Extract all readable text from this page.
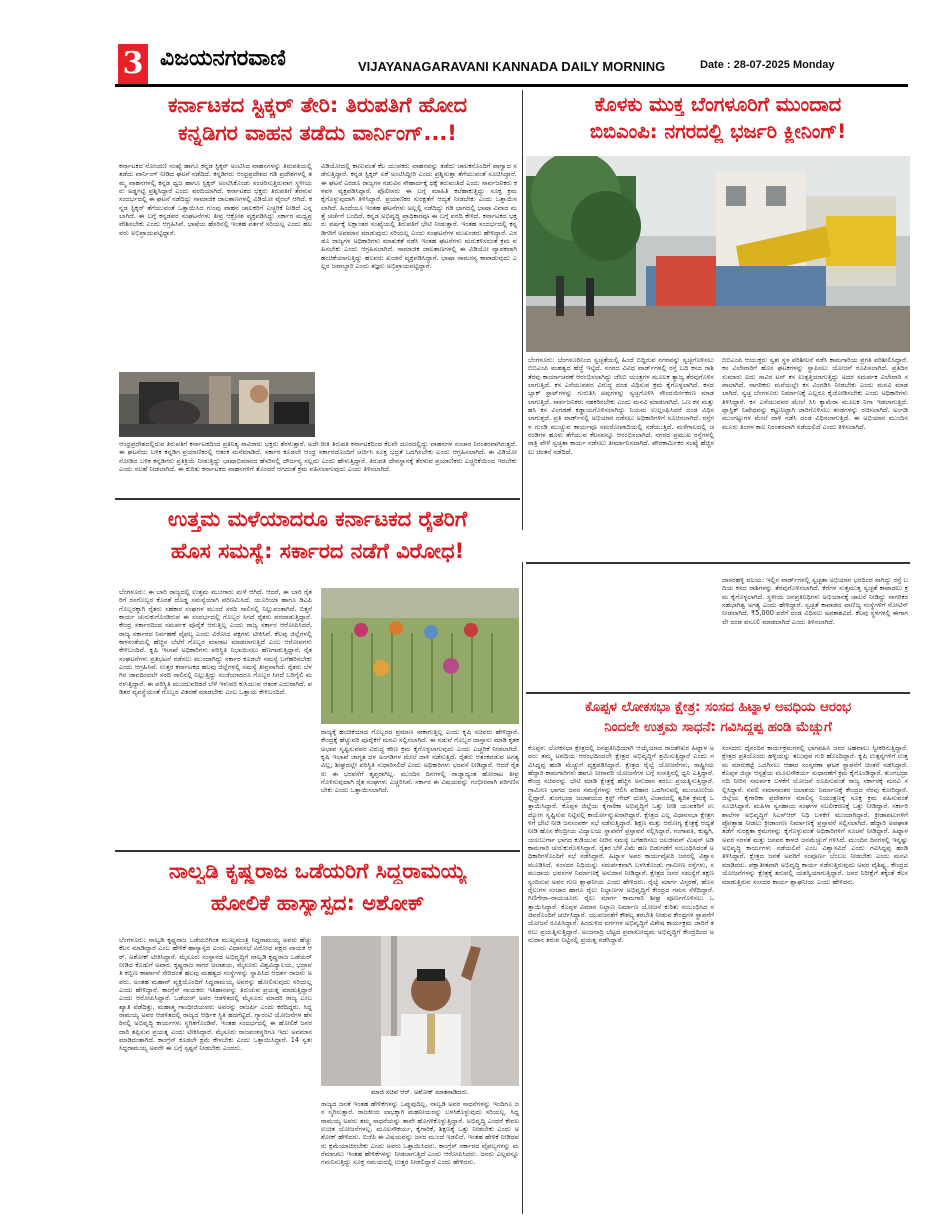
3 ವಿಜಯನಗರವಾಣಿ	VIJAYANAGARAVANI KANNADA DAILY MORNING	Date : 28-07-2025 Monday
ಕರ್ನಾಟಕದ ಸ್ಟಿಕ್ಕರ್ ತೇರಿ: ತಿರುಪತಿಗೆ ಹೋದ
ಕನ್ನಡಿಗರ ವಾಹನ ತಡೆದು ವಾರ್ನಿಂಗ್...!
ಕರ್ನಾಟಕದ ನೋಂದಣಿ ಸಂಖ್ಯೆ ಹಾಗೂ ಕನ್ನಡ ಸ್ಟಿಕ್ಕರ್ ಅಂಟಿಸಿದ ವಾಹನಗಳನ್ನು ತಿರುಪತಿಯಲ್ಲಿ ತಡೆದು ವಾರ್ನಿಂಗ್ ನೀಡಿದ ಘಟನೆ ನಡೆದಿದೆ. ಕನ್ನಡಿಗರು ಆಂಧ್ರಪ್ರದೇಶದ ಗಡಿ ಪ್ರದೇಶಗಳಲ್ಲಿ ತಮ್ಮ ವಾಹನಗಳಲ್ಲಿ ಕನ್ನಡ ಧ್ವಜ ಹಾಗೂ ಸ್ಟಿಕ್ಕರ್ ಅಂಟಿಸಿಕೊಂಡು ಸಂಚರಿಸುತ್ತಿರುವಾಗ ಸ್ಥಳೀಯರು ಅಡ್ಡಗಟ್ಟಿ ಪ್ರಶ್ನಿಸಿದ್ದಾರೆ ಎಂದು ವರದಿಯಾಗಿದೆ. ಕರ್ನಾಟಕದ ಭಕ್ತರು ತಿರುಪತಿಗೆ ತೆರಳುವ ಸಂದರ್ಭದಲ್ಲಿ ಈ ಘಟನೆ ನಡೆದಿದ್ದು ಸಾಮಾಜಿಕ ಜಾಲತಾಣಗಳಲ್ಲಿ ವಿಡಿಯೋ ವೈರಲ್ ಆಗಿದೆ. ಕನ್ನಡ ಸ್ಟಿಕ್ಕರ್ ತೆಗೆಯುವಂತೆ ಒತ್ತಾಯಿಸಿದ ಗುಂಪು ವಾಹನ ಚಾಲಕರಿಗೆ ಎಚ್ಚರಿಕೆ ನೀಡಿದೆ ಎನ್ನಲಾಗಿದೆ. ಈ ಬಗ್ಗೆ ಕನ್ನಡಪರ ಸಂಘಟನೆಗಳು ತೀವ್ರ ಆಕ್ರೋಶ ವ್ಯಕ್ತಪಡಿಸಿದ್ದು ಸರ್ಕಾರ ಮಧ್ಯಪ್ರವೇಶಿಸಬೇಕು ಎಂದು ಆಗ್ರಹಿಸಿವೆ. ಭಾಷೆಯ ಹೆಸರಿನಲ್ಲಿ ಇಂತಹ ವರ್ತನೆ ಸರಿಯಲ್ಲ ಎಂದು ಹಲವರು ಅಭಿಪ್ರಾಯಪಟ್ಟಿದ್ದಾರೆ.
ವಿಡಿಯೋದಲ್ಲಿ ಕಾಣುವಂತೆ ಕೆಲ ಯುವಕರು ವಾಹನವನ್ನು ತಡೆದು ಚಾಲಕನೊಂದಿಗೆ ವಾಗ್ವಾದ ನಡೆಸುತ್ತಿದ್ದಾರೆ. ಕನ್ನಡ ಸ್ಟಿಕ್ಕರ್ ಏಕೆ ಅಂಟಿಸಿದ್ದೀರಿ ಎಂದು ಪ್ರಶ್ನಿಸುತ್ತಾ ತೆಗೆಯುವಂತೆ ಸೂಚಿಸಿದ್ದಾರೆ. ಈ ಘಟನೆ ಎರಡೂ ರಾಜ್ಯಗಳ ನಡುವಿನ ಸೌಹಾರ್ದಕ್ಕೆ ಧಕ್ಕೆ ತರುವಂತಿದೆ ಎಂದು ಸಾರ್ವಜನಿಕರು ಕಳವಳ ವ್ಯಕ್ತಪಡಿಸಿದ್ದಾರೆ. ಪೊಲೀಸರು ಈ ಬಗ್ಗೆ ಮಾಹಿತಿ ಕಲೆಹಾಕುತ್ತಿದ್ದು ಸೂಕ್ತ ಕ್ರಮ ಕೈಗೊಳ್ಳುವುದಾಗಿ ತಿಳಿಸಿದ್ದಾರೆ. ಪ್ರಯಾಣಿಕರ ಸುರಕ್ಷತೆಗೆ ಆದ್ಯತೆ ನೀಡಬೇಕು ಎಂದು ಒತ್ತಾಯಿಸಲಾಗಿದೆ. ಹಿಂದೆಯೂ ಇಂತಹ ಘಟನೆಗಳು ಅಲ್ಲಲ್ಲಿ ನಡೆದಿದ್ದು ಗಡಿ ಭಾಗದಲ್ಲಿ ಭಾಷಾ ವಿವಾದ ಮತ್ತೆ ಚರ್ಚೆಗೆ ಬಂದಿದೆ. ಕನ್ನಡ ಅಭಿವೃದ್ಧಿ ಪ್ರಾಧಿಕಾರವೂ ಈ ಬಗ್ಗೆ ವರದಿ ಕೇಳಿದೆ. ಕರ್ನಾಟಕದ ಭಕ್ತರು ವರ್ಷಕ್ಕೆ ಲಕ್ಷಾಂತರ ಸಂಖ್ಯೆಯಲ್ಲಿ ತಿರುಪತಿಗೆ ಭೇಟಿ ನೀಡುತ್ತಾರೆ. ಇಂತಹ ಸಂದರ್ಭದಲ್ಲಿ ಕನ್ನಡಿಗರಿಗೆ ಅಪಮಾನ ಮಾಡುವುದು ಸರಿಯಲ್ಲ ಎಂದು ಸಂಘಟನೆಗಳ ಮುಖಂಡರು ಹೇಳಿದ್ದಾರೆ. ಎರಡೂ ರಾಜ್ಯಗಳ ಅಧಿಕಾರಿಗಳು ಮಾತುಕತೆ ನಡೆಸಿ ಇಂತಹ ಘಟನೆಗಳು ಮರುಕಳಿಸದಂತೆ ಕ್ರಮ ವಹಿಸಬೇಕು ಎಂದು ಆಗ್ರಹಿಸಲಾಗಿದೆ. ಸಾಮಾಜಿಕ ಜಾಲತಾಣಗಳಲ್ಲಿ ಈ ವಿಡಿಯೋ ವ್ಯಾಪಕವಾಗಿ ಹಂಚಿಕೆಯಾಗುತ್ತಿದ್ದು ಹಲವರು ಖಂಡನೆ ವ್ಯಕ್ತಪಡಿಸಿದ್ದಾರೆ. ಭಾಷಾ ಸಾಮರಸ್ಯ ಕಾಪಾಡುವುದು ಎಲ್ಲರ ಜವಾಬ್ದಾರಿ ಎಂದು ತಜ್ಞರು ಅಭಿಪ್ರಾಯಪಟ್ಟಿದ್ದಾರೆ.
ಆಂಧ್ರಪ್ರದೇಶದಲ್ಲಿರುವ ತಿರುಪತಿಗೆ ಕರ್ನಾಟಕದಿಂದ ಪ್ರತಿನಿತ್ಯ ಸಾವಿರಾರು ಭಕ್ತರು ತೆರಳುತ್ತಾರೆ. ಅದೇ ರೀತಿ ತಿರುಪತಿ ಕರ್ನಾಟಕದಿಂದ ಕೆಲವೇ ದೂರದಲ್ಲಿದ್ದು ವಾಹನಗಳ ಸಂಚಾರ ನಿರಂತರವಾಗಿರುತ್ತದೆ. ಈ ಘಟನೆಯ ಬಳಿಕ ಕನ್ನಡಿಗ ಪ್ರಯಾಣಿಕರಲ್ಲಿ ಆತಂಕ ಮನೆಮಾಡಿದೆ. ಸರ್ಕಾರ ಕೂಡಲೇ ಆಂಧ್ರ ಸರ್ಕಾರದೊಂದಿಗೆ ಚರ್ಚಿಸಿ ಸೂಕ್ತ ಭದ್ರತೆ ಒದಗಿಸಬೇಕು ಎಂದು ಆಗ್ರಹಿಸಲಾಗಿದೆ. ಈ ವಿಡಿಯೋ ನೋಡಿದ ಬಳಿಕ ಕನ್ನಡಿಗರು ಪ್ರತಿಕ್ರಿಯೆ ನೀಡುತ್ತಿದ್ದು ಭಾಷಾಭಿಮಾನದ ಹೆಸರಿನಲ್ಲಿ ದೌರ್ಜನ್ಯ ಸಲ್ಲದು ಎಂದು ಹೇಳುತ್ತಿದ್ದಾರೆ. ತಿರುಪತಿ ದೇವಸ್ಥಾನಕ್ಕೆ ತೆರಳುವ ಪ್ರಯಾಣಿಕರು ಎಚ್ಚರಿಕೆಯಿಂದ ಇರಬೇಕು ಎಂದು ಸಲಹೆ ನೀಡಲಾಗಿದೆ. ಈ ಕುರಿತು ಕರ್ನಾಟಕದ ವಾಹನಗಳಿಗೆ ತೊಂದರೆ ಆಗದಂತೆ ಕ್ರಮ ವಹಿಸಲಾಗುವುದು ಎಂದು ತಿಳಿಸಲಾಗಿದೆ.
ಕೊಳಕು ಮುಕ್ತ ಬೆಂಗಳೂರಿಗೆ ಮುಂದಾದ
ಬಿಬಿಎಂಪಿ: ನಗರದಲ್ಲಿ ಭರ್ಜರಿ ಕ್ಲೀನಿಂಗ್!
ಬೆಂಗಳೂರು: ಬೆಂಗಳೂರಿನಿಂದ ಸ್ವಚ್ಛತೆಯಲ್ಲಿ ಹಿಂದೆ ಬಿದ್ದಿರುವ ನಗರವನ್ನು ಸ್ವಚ್ಛಗೊಳಿಸಲು ಬಿಬಿಎಂಪಿ ಮಹತ್ವದ ಹೆಜ್ಜೆ ಇಟ್ಟಿದೆ. ನಗರದ ವಿವಿಧ ವಾರ್ಡ್‌ಗಳಲ್ಲಿ ರಸ್ತೆ ಬದಿ ಕಸದ ರಾಶಿ ತೆರವು ಕಾರ್ಯಾಚರಣೆ ಆರಂಭಿಸಲಾಗಿದ್ದು ಜೆಸಿಬಿ ಯಂತ್ರಗಳ ಮೂಲಕ ತ್ಯಾಜ್ಯ ತೆರವುಗೊಳಿಸಲಾಗುತ್ತಿದೆ. ಕಸ ಎಸೆಯುವವರ ವಿರುದ್ಧ ದಂಡ ವಿಧಿಸುವ ಕ್ರಮ ಕೈಗೊಳ್ಳಲಾಗಿದೆ. ಕಸದ ಬ್ಲಾಕ್ ಸ್ಪಾಟ್‌ಗಳನ್ನು ಗುರುತಿಸಿ ಅವುಗಳನ್ನು ಸ್ವಚ್ಛಗೊಳಿಸಿ ಸೌಂದರ್ಯೀಕರಣ ಮಾಡಲಾಗುತ್ತಿದೆ. ಸಾರ್ವಜನಿಕರು ಸಹಕರಿಸಬೇಕು ಎಂದು ಮನವಿ ಮಾಡಲಾಗಿದೆ. ಒಣ ಕಸ ಮತ್ತು ಹಸಿ ಕಸ ವಿಂಗಡಣೆ ಕಡ್ಡಾಯಗೊಳಿಸಲಾಗಿದ್ದು ನಿಯಮ ಉಲ್ಲಂಘಿಸಿದರೆ ದಂಡ ವಿಧಿಸಲಾಗುತ್ತದೆ. ಪ್ರತಿ ವಾರ್ಡ್‌ನಲ್ಲಿ ಅಭಿಯಾನ ನಡೆಸಲು ಅಧಿಕಾರಿಗಳಿಗೆ ಸೂಚಿಸಲಾಗಿದೆ. ರಸ್ತೆಗಳ ಗುಂಡಿ ಮುಚ್ಚುವ ಕಾರ್ಯವೂ ಸಮರೋಪಾದಿಯಲ್ಲಿ ನಡೆಯುತ್ತಿದೆ. ಮಳೆಗಾಲದಲ್ಲಿ ಚರಂಡಿಗಳ ಹೂಳು ತೆಗೆಯುವ ಕೆಲಸವನ್ನೂ ಆರಂಭಿಸಲಾಗಿದೆ. ನಗರದ ಪ್ರಮುಖ ರಸ್ತೆಗಳಲ್ಲಿ ರಾತ್ರಿ ವೇಳೆ ಸ್ವಚ್ಛತಾ ಕಾರ್ಯ ನಡೆಸಲು ತೀರ್ಮಾನಿಸಲಾಗಿದೆ. ಪೌರಕಾರ್ಮಿಕರ ಸಂಖ್ಯೆ ಹೆಚ್ಚಿಸಲು ಚಿಂತನೆ ನಡೆದಿದೆ.
ಬಿಬಿಎಂಪಿ ಆಯುಕ್ತರು ಸ್ವತಃ ಸ್ಥಳ ಪರಿಶೀಲನೆ ನಡೆಸಿ ಕಾಮಗಾರಿಯ ಪ್ರಗತಿ ಪರಿಶೀಲಿಸಿದ್ದಾರೆ. ಕಸ ವಿಲೇವಾರಿಗೆ ಹೊಸ ಘಟಕಗಳನ್ನು ಸ್ಥಾಪಿಸಲು ಯೋಜನೆ ರೂಪಿಸಲಾಗಿದೆ. ಪ್ರತಿದಿನ ಸುಮಾರು ಐದು ಸಾವಿರ ಟನ್ ಕಸ ಉತ್ಪತ್ತಿಯಾಗುತ್ತಿದ್ದು ಅದರ ಸಮರ್ಪಕ ವಿಲೇವಾರಿ ಸವಾಲಾಗಿದೆ. ನಾಗರಿಕರು ಮನೆಯಲ್ಲೇ ಕಸ ವಿಂಗಡಿಸಿ ನೀಡಬೇಕು ಎಂದು ಮನವಿ ಮಾಡಲಾಗಿದೆ. ಸ್ವಚ್ಛ ಬೆಂಗಳೂರು ನಿರ್ಮಾಣಕ್ಕೆ ಎಲ್ಲರೂ ಕೈಜೋಡಿಸಬೇಕು ಎಂದು ಅಧಿಕಾರಿಗಳು ತಿಳಿಸಿದ್ದಾರೆ. ಕಸ ಎಸೆಯುವವರ ಮೇಲೆ ಸಿಸಿ ಕ್ಯಾಮೆರಾ ಮೂಲಕ ನಿಗಾ ಇಡಲಾಗುತ್ತಿದೆ. ಪ್ಲಾಸ್ಟಿಕ್ ನಿಷೇಧವನ್ನು ಕಟ್ಟುನಿಟ್ಟಾಗಿ ಜಾರಿಗೊಳಿಸಲು ತಂಡಗಳನ್ನು ರಚಿಸಲಾಗಿದೆ. ಅಂಗಡಿ ಮುಂಗಟ್ಟುಗಳ ಮೇಲೆ ದಾಳಿ ನಡೆಸಿ ದಂಡ ವಿಧಿಸಲಾಗುತ್ತಿದೆ. ಈ ಅಭಿಯಾನ ಮುಂದಿನ ಮೂರು ತಿಂಗಳ ಕಾಲ ನಿರಂತರವಾಗಿ ನಡೆಯಲಿದೆ ಎಂದು ತಿಳಿಸಲಾಗಿದೆ.
ದಾಸರಹಳ್ಳಿ ವಲಯ: ಇಲ್ಲಿನ ವಾರ್ಡ್‌ಗಳಲ್ಲಿ ಸ್ವಚ್ಛತಾ ಅಭಿಯಾನ ಭರದಿಂದ ಸಾಗಿದ್ದು ರಸ್ತೆ ಬದಿಯ ಕಸದ ರಾಶಿಗಳನ್ನು ತೆರವುಗೊಳಿಸಲಾಗಿದೆ. ಕೆರೆಗಳ ಸುತ್ತಮುತ್ತ ಸ್ವಚ್ಛತೆ ಕಾಪಾಡಲು ಕ್ರಮ ಕೈಗೊಳ್ಳಲಾಗಿದೆ. ಸ್ಥಳೀಯ ಜನಪ್ರತಿನಿಧಿಗಳು ಅಭಿಯಾನಕ್ಕೆ ಚಾಲನೆ ನೀಡಿದ್ದು ನಾಗರಿಕರ ಸಹಭಾಗಿತ್ವ ಅಗತ್ಯ ಎಂದು ಹೇಳಿದ್ದಾರೆ. ಸ್ವಚ್ಛತೆ ಕಾಪಾಡದ ವಾಣಿಜ್ಯ ಸಂಸ್ಥೆಗಳಿಗೆ ನೋಟಿಸ್ ನೀಡಲಾಗಿದೆ. ₹5,000 ವರೆಗೆ ದಂಡ ವಿಧಿಸಲು ಅವಕಾಶವಿದೆ. ಕೆಲವು ಸ್ಥಳಗಳಲ್ಲಿ ಈಗಾಗಲೇ ದಂಡ ವಸೂಲಿ ಮಾಡಲಾಗಿದೆ ಎಂದು ತಿಳಿಸಲಾಗಿದೆ.
ಉತ್ತಮ ಮಳೆಯಾದರೂ ಕರ್ನಾಟಕದ ರೈತರಿಗೆ
ಹೊಸ ಸಮಸ್ಯೆ: ಸರ್ಕಾರದ ನಡೆಗೆ ವಿರೋಧ!
ಬೆಂಗಳೂರು: ಈ ಬಾರಿ ರಾಜ್ಯದಲ್ಲಿ ಉತ್ತಮ ಮುಂಗಾರು ಮಳೆ ಆಗಿದೆ. ಆದರೆ, ಈ ಬಾರಿ ರೈತರಿಗೆ ರಸಗೊಬ್ಬರ ಕೊರತೆ ದೊಡ್ಡ ಸಮಸ್ಯೆಯಾಗಿ ಪರಿಣಮಿಸಿದೆ. ಯೂರಿಯಾ ಹಾಗೂ ಡಿಎಪಿ ಗೊಬ್ಬರಕ್ಕಾಗಿ ರೈತರು ಸಹಕಾರ ಸಂಘಗಳ ಮುಂದೆ ಸರದಿ ಸಾಲಿನಲ್ಲಿ ನಿಲ್ಲುವಂತಾಗಿದೆ. ಬಿತ್ತನೆ ಕಾರ್ಯ ಚುರುಕುಗೊಂಡಿರುವ ಈ ಸಂದರ್ಭದಲ್ಲಿ ಗೊಬ್ಬರ ಸಿಗದೆ ರೈತರು ಪರದಾಡುತ್ತಿದ್ದಾರೆ. ಕೇಂದ್ರ ಸರ್ಕಾರದಿಂದ ಸಮರ್ಪಕ ಪೂರೈಕೆ ಆಗುತ್ತಿಲ್ಲ ಎಂದು ರಾಜ್ಯ ಸರ್ಕಾರ ಆರೋಪಿಸಿದರೆ, ರಾಜ್ಯ ಸರ್ಕಾರದ ನಿರ್ವಹಣೆ ವೈಫಲ್ಯ ಎಂದು ವಿರೋಧ ಪಕ್ಷಗಳು ಟೀಕಿಸಿವೆ. ಕೆಲವು ಜಿಲ್ಲೆಗಳಲ್ಲಿ ಕಾಳಸಂತೆಯಲ್ಲಿ ಹೆಚ್ಚಿನ ಬೆಲೆಗೆ ಗೊಬ್ಬರ ಮಾರಾಟ ಮಾಡಲಾಗುತ್ತಿದೆ ಎಂಬ ಆರೋಪಗಳು ಕೇಳಿಬಂದಿವೆ. ಕೃಷಿ ಇಲಾಖೆ ಅಧಿಕಾರಿಗಳು ಪರಿಸ್ಥಿತಿ ನಿಭಾಯಿಸಲು ಹೆಣಗಾಡುತ್ತಿದ್ದಾರೆ. ರೈತ ಸಂಘಟನೆಗಳು ಪ್ರತಿಭಟನೆ ನಡೆಸಲು ಮುಂದಾಗಿದ್ದು ಸರ್ಕಾರ ಕೂಡಲೇ ಸಮಸ್ಯೆ ಬಗೆಹರಿಸಬೇಕು ಎಂದು ಆಗ್ರಹಿಸಿವೆ. ಉತ್ತರ ಕರ್ನಾಟಕದ ಹಲವು ಜಿಲ್ಲೆಗಳಲ್ಲಿ ಸಮಸ್ಯೆ ತೀವ್ರವಾಗಿದೆ. ರೈತರು ಬೆಳಗಿನ ಜಾವದಿಂದಲೇ ಸರದಿ ಸಾಲಿನಲ್ಲಿ ನಿಲ್ಲುತ್ತಿದ್ದು ಸಂಜೆಯಾದರೂ ಗೊಬ್ಬರ ಸಿಗದೆ ಬರಿಗೈಲಿ ಮರಳುತ್ತಿದ್ದಾರೆ. ಈ ಪರಿಸ್ಥಿತಿ ಮುಂದುವರಿದರೆ ಬೆಳೆ ಇಳುವರಿ ಕುಸಿಯುವ ಆತಂಕ ಎದುರಾಗಿದೆ. ಪಡಿತರ ವ್ಯವಸ್ಥೆಯಂತೆ ಗೊಬ್ಬರ ವಿತರಣೆ ಮಾಡಬೇಕು ಎಂಬ ಒತ್ತಾಯ ಕೇಳಿಬಂದಿದೆ.
ರಾಜ್ಯಕ್ಕೆ ಹಂಚಿಕೆಯಾದ ಗೊಬ್ಬರದ ಪ್ರಮಾಣ ಸಾಕಾಗುತ್ತಿಲ್ಲ ಎಂದು ಕೃಷಿ ಸಚಿವರು ಹೇಳಿದ್ದಾರೆ. ಕೇಂದ್ರಕ್ಕೆ ಹೆಚ್ಚುವರಿ ಪೂರೈಕೆಗೆ ಮನವಿ ಸಲ್ಲಿಸಲಾಗಿದೆ. ಈ ನಡುವೆ ಗೊಬ್ಬರ ದಾಸ್ತಾನು ಮಾಡಿ ಕೃತಕ ಅಭಾವ ಸೃಷ್ಟಿಸುವವರ ವಿರುದ್ಧ ಕಠಿಣ ಕ್ರಮ ಕೈಗೊಳ್ಳಲಾಗುವುದು ಎಂದು ಎಚ್ಚರಿಕೆ ನೀಡಲಾಗಿದೆ. ಕೃಷಿ ಇಲಾಖೆ ಜಾಗೃತ ದಳ ಅಂಗಡಿಗಳ ಮೇಲೆ ದಾಳಿ ನಡೆಸುತ್ತಿದೆ. ರೈತರು ಆತಂಕಪಡುವ ಅಗತ್ಯವಿಲ್ಲ, ಶೀಘ್ರದಲ್ಲೇ ಪರಿಸ್ಥಿತಿ ಸುಧಾರಿಸಲಿದೆ ಎಂದು ಅಧಿಕಾರಿಗಳು ಭರವಸೆ ನೀಡಿದ್ದಾರೆ. ಆದರೆ ರೈತರು ಈ ಭರವಸೆಗೆ ತೃಪ್ತರಾಗಿಲ್ಲ. ಮುಂದಿನ ದಿನಗಳಲ್ಲಿ ರಾಜ್ಯಾದ್ಯಂತ ಹೋರಾಟ ತೀವ್ರಗೊಳಿಸುವುದಾಗಿ ರೈತ ಸಂಘಗಳು ಎಚ್ಚರಿಸಿವೆ. ಸರ್ಕಾರ ಈ ವಿಷಯವನ್ನು ಗಂಭೀರವಾಗಿ ಪರಿಗಣಿಸಬೇಕು ಎಂದು ಒತ್ತಾಯಿಸಲಾಗಿದೆ.
ಕೊಪ್ಪಳ ಲೋಕಸಭಾ ಕ್ಷೇತ್ರ: ಸಂಸದ ಹಿಟ್ನಾಳ ಅವಧಿಯ ಆರಂಭ
ನಿಂದಲೇ ಉತ್ತಮ ಸಾಧನೆ: ಗವಿಸಿದ್ದಪ್ಪ ಹಂಡಿ ಮೆಚ್ಚುಗೆ
ಕೊಪ್ಪಳ: ಲೋಕಸಭಾ ಕ್ಷೇತ್ರದಲ್ಲಿ ಜನಪ್ರತಿನಿಧಿಯಾಗಿ ಆಯ್ಕೆಯಾದ ರಾಜಶೇಖರ ಹಿಟ್ನಾಳ ಅವರು ತಮ್ಮ ಅವಧಿಯ ಆರಂಭದಿಂದಲೇ ಕ್ಷೇತ್ರದ ಅಭಿವೃದ್ಧಿಗೆ ಶ್ರಮಿಸುತ್ತಿದ್ದಾರೆ ಎಂದು ಗವಿಸಿದ್ದಪ್ಪ ಹಂಡಿ ಮೆಚ್ಚುಗೆ ವ್ಯಕ್ತಪಡಿಸಿದ್ದಾರೆ. ಕ್ಷೇತ್ರದ ರೈಲ್ವೆ ಯೋಜನೆಗಳು, ರಾಷ್ಟ್ರೀಯ ಹೆದ್ದಾರಿ ಕಾಮಗಾರಿಗಳು ಹಾಗೂ ನೀರಾವರಿ ಯೋಜನೆಗಳ ಬಗ್ಗೆ ಸಂಸತ್ತಿನಲ್ಲಿ ಧ್ವನಿ ಎತ್ತಿದ್ದಾರೆ. ಕೇಂದ್ರ ಸಚಿವರನ್ನು ಭೇಟಿ ಮಾಡಿ ಕ್ಷೇತ್ರಕ್ಕೆ ಹೆಚ್ಚಿನ ಅನುದಾನ ತರಲು ಪ್ರಯತ್ನಿಸುತ್ತಿದ್ದಾರೆ. ಗ್ರಾಮೀಣ ಭಾಗದ ಜನರ ಸಮಸ್ಯೆಗಳನ್ನು ಆಲಿಸಿ ಪರಿಹಾರ ಒದಗಿಸುವಲ್ಲಿ ಮುಂಚೂಣಿಯಲ್ಲಿದ್ದಾರೆ. ತುಂಗಭದ್ರಾ ಜಲಾಶಯದ ಕ್ರಸ್ಟ್ ಗೇಟ್ ದುರಸ್ತಿ ವಿಚಾರದಲ್ಲಿ ತ್ವರಿತ ಕ್ರಮಕ್ಕೆ ಒತ್ತಾಯಿಸಿದ್ದಾರೆ. ಕೊಪ್ಪಳ ಜಿಲ್ಲೆಯ ಕೈಗಾರಿಕಾ ಅಭಿವೃದ್ಧಿಗೆ ಒತ್ತು ನೀಡಿ ಯುವಕರಿಗೆ ಉದ್ಯೋಗ ಸೃಷ್ಟಿಸುವ ನಿಟ್ಟಿನಲ್ಲಿ ಕಾರ್ಯೋನ್ಮುಖರಾಗಿದ್ದಾರೆ. ಕ್ಷೇತ್ರದ ಎಲ್ಲ ವಿಧಾನಸಭಾ ಕ್ಷೇತ್ರಗಳಿಗೆ ಭೇಟಿ ನೀಡಿ ಜನಸಂಪರ್ಕ ಸಭೆ ನಡೆಸುತ್ತಿದ್ದಾರೆ. ಶಿಕ್ಷಣ ಮತ್ತು ಆರೋಗ್ಯ ಕ್ಷೇತ್ರಕ್ಕೆ ಆದ್ಯತೆ ನೀಡಿ ಹೊಸ ಕೇಂದ್ರೀಯ ವಿದ್ಯಾಲಯ ಸ್ಥಾಪನೆಗೆ ಪ್ರಸ್ತಾವನೆ ಸಲ್ಲಿಸಿದ್ದಾರೆ. ಗಂಗಾವತಿ, ಕುಷ್ಟಗಿ, ಯಲಬುರ್ಗಾ ಭಾಗದ ಕುಡಿಯುವ ನೀರಿನ ಸಮಸ್ಯೆ ಬಗೆಹರಿಸಲು ಜಲಜೀವನ್ ಮಿಷನ್ ಅಡಿ ಕಾಮಗಾರಿ ಚುರುಕುಗೊಳಿಸಿದ್ದಾರೆ. ರೈತರ ಬೆಳೆ ವಿಮೆ ಹಣ ಬಿಡುಗಡೆಗೆ ಸಂಬಂಧಿಸಿದಂತೆ ಅಧಿಕಾರಿಗಳೊಂದಿಗೆ ಸಭೆ ನಡೆಸಿದ್ದಾರೆ. ಹಿಟ್ನಾಳ ಅವರ ಕಾರ್ಯವೈಖರಿ ಜನರಲ್ಲಿ ವಿಶ್ವಾಸ ಮೂಡಿಸಿದೆ. ಸಂಸದರ ನಿಧಿಯನ್ನು ಸಮರ್ಪಕವಾಗಿ ಬಳಸಿಕೊಂಡು ಗ್ರಾಮೀಣ ರಸ್ತೆಗಳು, ಸಮುದಾಯ ಭವನಗಳ ನಿರ್ಮಾಣಕ್ಕೆ ಅನುದಾನ ನೀಡಿದ್ದಾರೆ. ಕ್ಷೇತ್ರದ ಜನರ ಸಮಸ್ಯೆಗೆ ತಕ್ಷಣ ಸ್ಪಂದಿಸುವ ಅವರ ಗುಣ ಶ್ಲಾಘನೀಯ ಎಂದು ಹೇಳಿದರು. ರೈಲ್ವೆ ಮಾರ್ಗ ವಿಸ್ತರಣೆ, ಹೊಸ ರೈಲುಗಳ ಸಂಚಾರ ಹಾಗೂ ರೈಲು ನಿಲ್ದಾಣಗಳ ಅಭಿವೃದ್ಧಿಗೆ ಕೇಂದ್ರದ ಗಮನ ಸೆಳೆದಿದ್ದಾರೆ. ಗಿಣಿಗೇರಾ–ರಾಯಚೂರು ರೈಲು ಮಾರ್ಗ ಕಾಮಗಾರಿ ಶೀಘ್ರ ಪೂರ್ಣಗೊಳಿಸಲು ಒತ್ತಾಯಿಸಿದ್ದಾರೆ. ಕೊಪ್ಪಳ ವಿಮಾನ ನಿಲ್ದಾಣ ನಿರ್ಮಾಣ ಯೋಜನೆ ಕುರಿತು ಸಂಬಂಧಿಸಿದ ಸಚಿವರೊಂದಿಗೆ ಚರ್ಚಿಸಿದ್ದಾರೆ. ಯುವಜನತೆಗೆ ಕೌಶಲ್ಯ ತರಬೇತಿ ನೀಡುವ ಕೇಂದ್ರಗಳ ಸ್ಥಾಪನೆಗೆ ಯೋಜನೆ ರೂಪಿಸಿದ್ದಾರೆ. ಹಿಂದುಳಿದ ವರ್ಗಗಳ ಅಭಿವೃದ್ಧಿಗೆ ವಿಶೇಷ ಕಾರ್ಯಕ್ರಮ ಜಾರಿಗೆ ತರಲು ಪ್ರಯತ್ನಿಸುತ್ತಿದ್ದಾರೆ. ಅಂಜನಾದ್ರಿ ಬೆಟ್ಟದ ಪ್ರವಾಸೋದ್ಯಮ ಅಭಿವೃದ್ಧಿಗೆ ಕೇಂದ್ರದಿಂದ ಅನುದಾನ ತರುವ ನಿಟ್ಟಿನಲ್ಲಿ ಪ್ರಯತ್ನ ನಡೆಸಿದ್ದಾರೆ.
ಸಂಸದರು ದೈನಂದಿನ ಕಾರ್ಯಕ್ರಮಗಳಲ್ಲಿ ಭಾಗವಹಿಸಿ ಜನರ ಅಹವಾಲು ಸ್ವೀಕರಿಸುತ್ತಿದ್ದಾರೆ. ಕ್ಷೇತ್ರದ ಪ್ರತಿಯೊಂದು ಹಳ್ಳಿಯನ್ನು ತಲುಪುವ ಗುರಿ ಹೊಂದಿದ್ದಾರೆ. ಕೃಷಿ ಉತ್ಪನ್ನಗಳಿಗೆ ಉತ್ತಮ ಮಾರುಕಟ್ಟೆ ಒದಗಿಸಲು ಆಹಾರ ಸಂಸ್ಕರಣಾ ಘಟಕ ಸ್ಥಾಪನೆಗೆ ಚಿಂತನೆ ನಡೆಸಿದ್ದಾರೆ. ಕೊಪ್ಪಳ ಜಿಲ್ಲಾ ಆಸ್ಪತ್ರೆಯ ಮೂಲಸೌಕರ್ಯ ಸುಧಾರಣೆಗೆ ಕ್ರಮ ಕೈಗೊಂಡಿದ್ದಾರೆ. ತುಂಗಭದ್ರಾ ನದಿ ನೀರಿನ ಸಮರ್ಪಕ ಬಳಕೆಗೆ ಯೋಜನೆ ರೂಪಿಸುವಂತೆ ರಾಜ್ಯ ಸರ್ಕಾರಕ್ಕೆ ಮನವಿ ಸಲ್ಲಿಸಿದ್ದಾರೆ. ನವಲಿ ಸಮಾನಾಂತರ ಜಲಾಶಯ ನಿರ್ಮಾಣಕ್ಕೆ ಕೇಂದ್ರದ ನೆರವು ಕೋರಿದ್ದಾರೆ. ಜಿಲ್ಲೆಯ ಕೈಗಾರಿಕಾ ಪ್ರದೇಶಗಳ ಮಾಲಿನ್ಯ ನಿಯಂತ್ರಣಕ್ಕೆ ಸೂಕ್ತ ಕ್ರಮ ವಹಿಸುವಂತೆ ಸೂಚಿಸಿದ್ದಾರೆ. ಮಹಿಳಾ ಸ್ವಸಹಾಯ ಸಂಘಗಳ ಸಬಲೀಕರಣಕ್ಕೆ ಒತ್ತು ನೀಡಿದ್ದಾರೆ. ಸರ್ಕಾರಿ ಶಾಲೆಗಳ ಅಭಿವೃದ್ಧಿಗೆ ಸಿಎಸ್‌ಆರ್ ನಿಧಿ ಬಳಕೆಗೆ ಮುಂದಾಗಿದ್ದಾರೆ. ಕ್ರೀಡಾಪಟುಗಳಿಗೆ ಪ್ರೋತ್ಸಾಹ ನೀಡಲು ಕ್ರೀಡಾಂಗಣ ನಿರ್ಮಾಣಕ್ಕೆ ಪ್ರಸ್ತಾವನೆ ಸಲ್ಲಿಸಲಾಗಿದೆ. ಹೆದ್ದಾರಿ ಅಪಘಾತ ತಡೆಗೆ ಸುರಕ್ಷತಾ ಕ್ರಮಗಳನ್ನು ಕೈಗೊಳ್ಳುವಂತೆ ಅಧಿಕಾರಿಗಳಿಗೆ ಸೂಚನೆ ನೀಡಿದ್ದಾರೆ. ಹಿಟ್ನಾಳ ಅವರ ಸರಳತೆ ಮತ್ತು ಜನಪರ ಕಾಳಜಿ ಜನಮೆಚ್ಚುಗೆ ಗಳಿಸಿದೆ. ಮುಂದಿನ ದಿನಗಳಲ್ಲಿ ಇನ್ನಷ್ಟು ಅಭಿವೃದ್ಧಿ ಕಾರ್ಯಗಳು ನಡೆಯಲಿವೆ ಎಂಬ ವಿಶ್ವಾಸವಿದೆ ಎಂದು ಗವಿಸಿದ್ದಪ್ಪ ಹಂಡಿ ತಿಳಿಸಿದ್ದಾರೆ. ಕ್ಷೇತ್ರದ ಜನತೆ ಅವರಿಗೆ ಸಂಪೂರ್ಣ ಬೆಂಬಲ ನೀಡಬೇಕು ಎಂದು ಮನವಿ ಮಾಡಿದರು. ಪಕ್ಷಾತೀತವಾಗಿ ಅಭಿವೃದ್ಧಿ ಕಾರ್ಯ ನಡೆಸುತ್ತಿರುವುದು ಅವರ ವೈಶಿಷ್ಟ್ಯ. ಕೇಂದ್ರದ ಯೋಜನೆಗಳನ್ನು ಕ್ಷೇತ್ರಕ್ಕೆ ತರುವಲ್ಲಿ ಯಶಸ್ವಿಯಾಗುತ್ತಿದ್ದಾರೆ. ಜನರ ನಿರೀಕ್ಷೆಗೆ ತಕ್ಕಂತೆ ಕೆಲಸ ಮಾಡುತ್ತಿರುವ ಸಂಸದರ ಕಾರ್ಯ ಶ್ಲಾಘನೀಯ ಎಂದು ಹೇಳಿದರು.
ನಾಲ್ವಡಿ ಕೃಷ್ಣರಾಜ ಒಡೆಯರಿಗೆ ಸಿದ್ದರಾಮಯ್ಯ
ಹೋಲಿಕೆ ಹಾಸ್ಯಾಸ್ಪದ: ಅಶೋಕ್
ಬೆಂಗಳೂರು: ನಾಲ್ವಡಿ ಕೃಷ್ಣರಾಜ ಒಡೆಯರಿಗಿಂತ ಮುಖ್ಯಮಂತ್ರಿ ಸಿದ್ದರಾಮಯ್ಯ ಅವರು ಹೆಚ್ಚು ಕೆಲಸ ಮಾಡಿದ್ದಾರೆ ಎಂಬ ಹೇಳಿಕೆ ಹಾಸ್ಯಾಸ್ಪದ ಎಂದು ವಿಧಾನಸಭೆ ವಿರೋಧ ಪಕ್ಷದ ನಾಯಕ ಆರ್. ಅಶೋಕ್ ಟೀಕಿಸಿದ್ದಾರೆ. ಮೈಸೂರು ಸಂಸ್ಥಾನದ ಅಭಿವೃದ್ಧಿಗೆ ನಾಲ್ವಡಿ ಕೃಷ್ಣರಾಜ ಒಡೆಯರ್ ನೀಡಿದ ಕೊಡುಗೆ ಅಪಾರ. ಕೃಷ್ಣರಾಜ ಸಾಗರ ಜಲಾಶಯ, ಮೈಸೂರು ವಿಶ್ವವಿದ್ಯಾಲಯ, ಭದ್ರಾವತಿ ಕಬ್ಬಿಣ ಕಾರ್ಖಾನೆ ಸೇರಿದಂತೆ ಹಲವು ಮಹತ್ವದ ಸಂಸ್ಥೆಗಳನ್ನು ಸ್ಥಾಪಿಸಿದ ಆದರ್ಶ ರಾಜರು ಅವರು. ಅಂತಹ ಮಹಾನ್ ವ್ಯಕ್ತಿಯೊಂದಿಗೆ ಸಿದ್ದರಾಮಯ್ಯ ಅವರನ್ನು ಹೋಲಿಸುವುದು ಸರಿಯಲ್ಲ ಎಂದು ಹೇಳಿದ್ದಾರೆ. ಕಾಂಗ್ರೆಸ್ ನಾಯಕರು ಇತಿಹಾಸವನ್ನು ತಿರುಚುವ ಪ್ರಯತ್ನ ಮಾಡುತ್ತಿದ್ದಾರೆ ಎಂದು ಆರೋಪಿಸಿದ್ದಾರೆ. ಒಡೆಯರ್ ಅವರ ಆಡಳಿತದಲ್ಲಿ ಮೈಸೂರು ಮಾದರಿ ರಾಜ್ಯ ಎಂಬ ಖ್ಯಾತಿ ಪಡೆದಿತ್ತು. ಮಹಾತ್ಮ ಗಾಂಧೀಜಿಯವರು ಅವರನ್ನು ರಾಜರ್ಷಿ ಎಂದು ಕರೆದಿದ್ದರು. ಸಿದ್ದರಾಮಯ್ಯ ಅವರ ಆಡಳಿತದಲ್ಲಿ ರಾಜ್ಯದ ಆರ್ಥಿಕ ಸ್ಥಿತಿ ಹದಗೆಟ್ಟಿದೆ. ಗ್ಯಾರಂಟಿ ಯೋಜನೆಗಳ ಹೆಸರಿನಲ್ಲಿ ಅಭಿವೃದ್ಧಿ ಕಾರ್ಯಗಳು ಸ್ಥಗಿತಗೊಂಡಿವೆ. ಇಂತಹ ಸಂದರ್ಭದಲ್ಲಿ ಈ ಹೋಲಿಕೆ ಜನರ ದಾರಿ ತಪ್ಪಿಸುವ ಪ್ರಯತ್ನ ಎಂದು ಟೀಕಿಸಿದ್ದಾರೆ. ಮೈಸೂರು ರಾಜವಂಶಸ್ಥರಿಗೂ ಇದು ಅವಮಾನ ಮಾಡಿದಂತಾಗಿದೆ. ಕಾಂಗ್ರೆಸ್ ಕೂಡಲೇ ಕ್ಷಮೆ ಕೇಳಬೇಕು ಎಂದು ಒತ್ತಾಯಿಸಿದ್ದಾರೆ. 14 ಸ್ವತಃ ಸಿದ್ದರಾಮಯ್ಯ ಅವರೇ ಈ ಬಗ್ಗೆ ಸ್ಪಷ್ಟನೆ ನೀಡಬೇಕು ಎಂದರು.
ಮಾಜಿ ಸಚಿವ ಆರ್. ಅಶೋಕ್ ಮಾತನಾಡಿದರು.
ರಾಜ್ಯದ ಜನತೆ ಇಂತಹ ಹೇಳಿಕೆಗಳನ್ನು ಒಪ್ಪುವುದಿಲ್ಲ. ನಾಲ್ವಡಿ ಅವರ ಸಾಧನೆಗಳನ್ನು ಇಂದಿಗೂ ಜನ ಸ್ಮರಿಸುತ್ತಾರೆ. ರಾಜಕೀಯ ಲಾಭಕ್ಕಾಗಿ ಮಹನೀಯರನ್ನು ಬಳಸಿಕೊಳ್ಳುವುದು ಸರಿಯಲ್ಲ. ಸಿದ್ದರಾಮಯ್ಯ ಅವರು ತಮ್ಮ ಸಾಧನೆಯನ್ನು ತಾವೇ ಹೊಗಳಿಕೊಳ್ಳುತ್ತಿದ್ದಾರೆ. ಅಭಿವೃದ್ಧಿ ಎಂದರೆ ಕೇವಲ ಉಚಿತ ಯೋಜನೆಗಳಲ್ಲ. ಮೂಲಸೌಕರ್ಯ, ಕೈಗಾರಿಕೆ, ಶಿಕ್ಷಣಕ್ಕೆ ಒತ್ತು ನೀಡಬೇಕು ಎಂದು ಅಶೋಕ್ ಹೇಳಿದರು. ಬಿಜೆಪಿ ಈ ವಿಷಯವನ್ನು ಜನರ ಮುಂದೆ ಇಡಲಿದೆ. ಇಂತಹ ಹೇಳಿಕೆ ನೀಡಿದವರು ಕ್ಷಮೆಯಾಚಿಸಬೇಕು ಎಂದು ಅವರು ಒತ್ತಾಯಿಸಿದರು. ಕಾಂಗ್ರೆಸ್ ಸರ್ಕಾರದ ವೈಫಲ್ಯಗಳನ್ನು ಮರೆಮಾಚಲು ಇಂತಹ ಹೇಳಿಕೆಗಳನ್ನು ನೀಡಲಾಗುತ್ತಿದೆ ಎಂದು ಆರೋಪಿಸಿದರು. ಜನರು ಎಲ್ಲವನ್ನೂ ಗಮನಿಸುತ್ತಿದ್ದು ಸೂಕ್ತ ಸಮಯದಲ್ಲಿ ಉತ್ತರ ನೀಡಲಿದ್ದಾರೆ ಎಂದು ಹೇಳಿದರು.
